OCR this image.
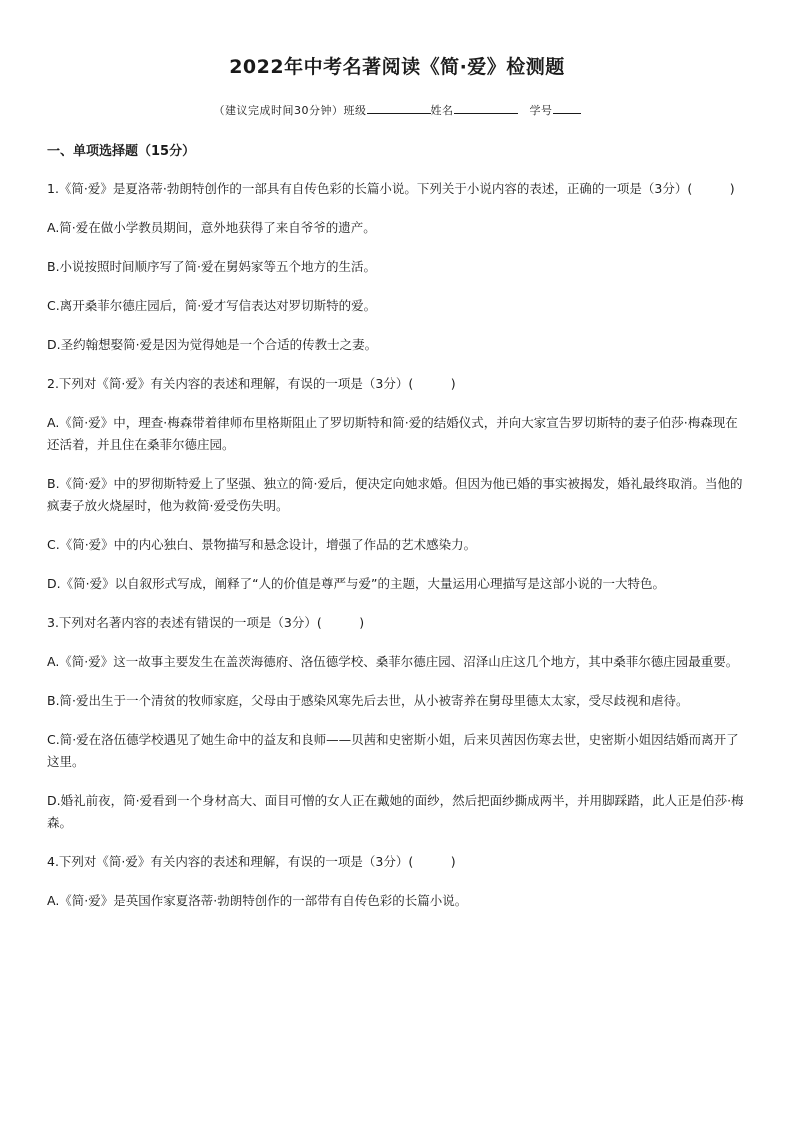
2022年中考名著阅读《简·爱》检测题
（建议完成时间30分钟）班级	姓名	学号
一、单项选择题（15分）

1.《简·爱》是夏洛蒂·勃朗特创作的一部具有自传色彩的长篇小说。下列关于小说内容的表述，正确的一项是（3分）(　　　)

A.简·爱在做小学教员期间，意外地获得了来自爷爷的遗产。

B.小说按照时间顺序写了简·爱在舅妈家等五个地方的生活。

C.离开桑菲尔德庄园后，简·爱才写信表达对罗切斯特的爱。

D.圣约翰想娶简·爱是因为觉得她是一个合适的传教士之妻。

2.下列对《简·爱》有关内容的表述和理解，有误的一项是（3分）(　　　)

A.《简·爱》中，理查·梅森带着律师布里格斯阻止了罗切斯特和简·爱的结婚仪式，并向大家宣告罗切斯特的妻子伯莎·梅森现在还活着，并且住在桑菲尔德庄园。

B.《简·爱》中的罗彻斯特爱上了坚强、独立的简·爱后，便决定向她求婚。但因为他已婚的事实被揭发，婚礼最终取消。当他的疯妻子放火烧屋时，他为救简·爱受伤失明。

C.《简·爱》中的内心独白、景物描写和悬念设计，增强了作品的艺术感染力。

D.《简·爱》以自叙形式写成，阐释了“人的价值是尊严与爱”的主题，大量运用心理描写是这部小说的一大特色。

3.下列对名著内容的表述有错误的一项是（3分）(　　　)

A.《简·爱》这一故事主要发生在盖茨海德府、洛伍德学校、桑菲尔德庄园、沼泽山庄这几个地方，其中桑菲尔德庄园最重要。

B.简·爱出生于一个清贫的牧师家庭，父母由于感染风寒先后去世，从小被寄养在舅母里德太太家，受尽歧视和虐待。

C.简·爱在洛伍德学校遇见了她生命中的益友和良师——贝茜和史密斯小姐，后来贝茜因伤寒去世，史密斯小姐因结婚而离开了这里。

D.婚礼前夜，简·爱看到一个身材高大、面目可憎的女人正在戴她的面纱，然后把面纱撕成两半，并用脚踩踏，此人正是伯莎·梅森。

4.下列对《简·爱》有关内容的表述和理解，有误的一项是（3分）(　　　)

A.《简·爱》是英国作家夏洛蒂·勃朗特创作的一部带有自传色彩的长篇小说。
